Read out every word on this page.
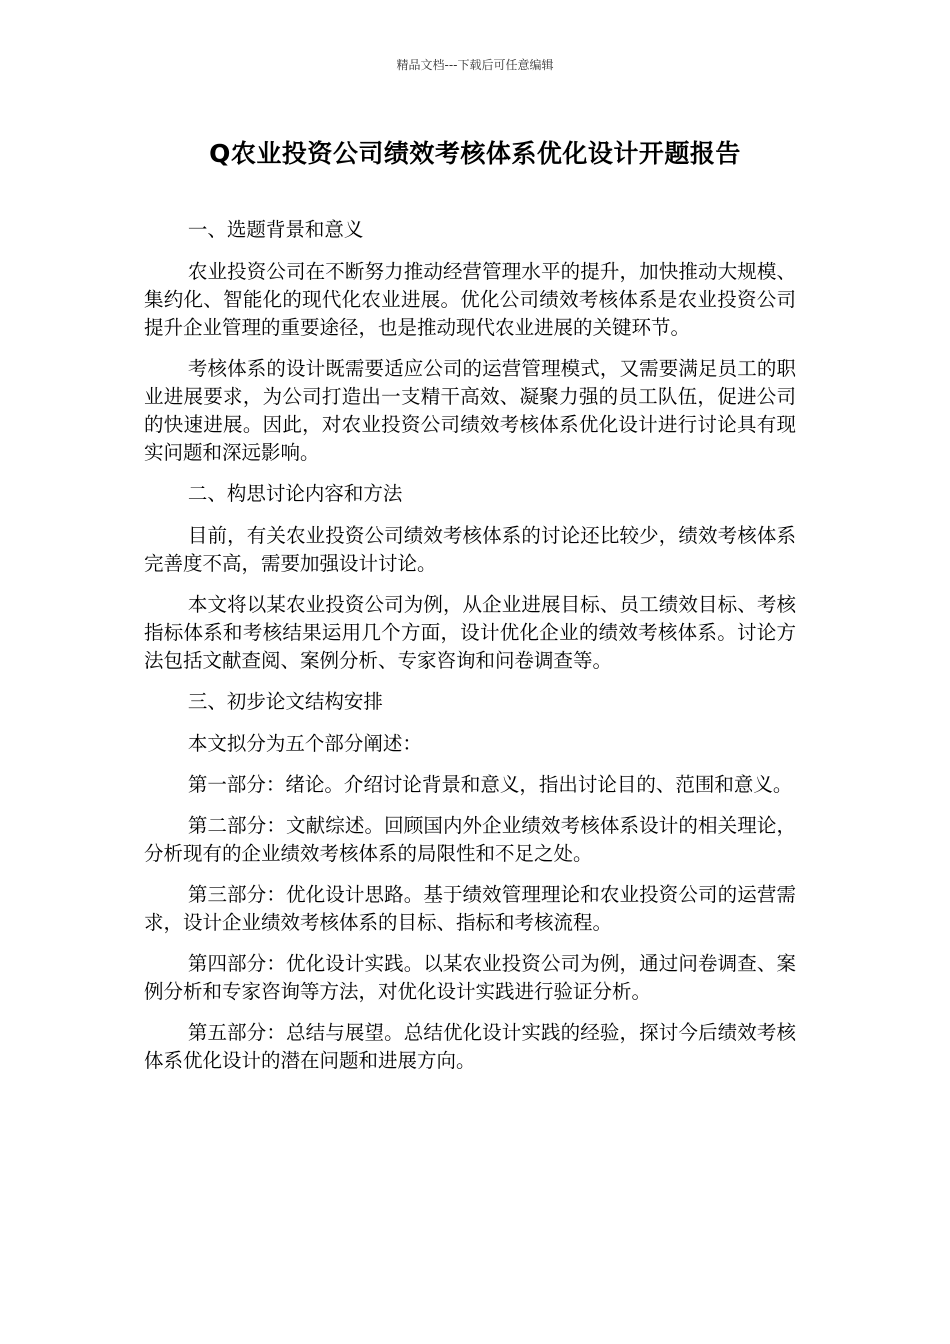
精品文档---下载后可任意编辑
Q农业投资公司绩效考核体系优化设计开题报告

一、选题背景和意义

农业投资公司在不断努力推动经营管理水平的提升，加快推动大规模、集约化、智能化的现代化农业进展。优化公司绩效考核体系是农业投资公司提升企业管理的重要途径，也是推动现代农业进展的关键环节。

考核体系的设计既需要适应公司的运营管理模式，又需要满足员工的职业进展要求，为公司打造出一支精干高效、凝聚力强的员工队伍，促进公司的快速进展。因此，对农业投资公司绩效考核体系优化设计进行讨论具有现实问题和深远影响。

二、构思讨论内容和方法

目前，有关农业投资公司绩效考核体系的讨论还比较少，绩效考核体系完善度不高，需要加强设计讨论。

本文将以某农业投资公司为例，从企业进展目标、员工绩效目标、考核指标体系和考核结果运用几个方面，设计优化企业的绩效考核体系。讨论方法包括文献查阅、案例分析、专家咨询和问卷调查等。

三、初步论文结构安排

本文拟分为五个部分阐述：

第一部分：绪论。介绍讨论背景和意义，指出讨论目的、范围和意义。

第二部分：文献综述。回顾国内外企业绩效考核体系设计的相关理论，分析现有的企业绩效考核体系的局限性和不足之处。

第三部分：优化设计思路。基于绩效管理理论和农业投资公司的运营需求，设计企业绩效考核体系的目标、指标和考核流程。

第四部分：优化设计实践。以某农业投资公司为例，通过问卷调查、案例分析和专家咨询等方法，对优化设计实践进行验证分析。

第五部分：总结与展望。总结优化设计实践的经验，探讨今后绩效考核体系优化设计的潜在问题和进展方向。
